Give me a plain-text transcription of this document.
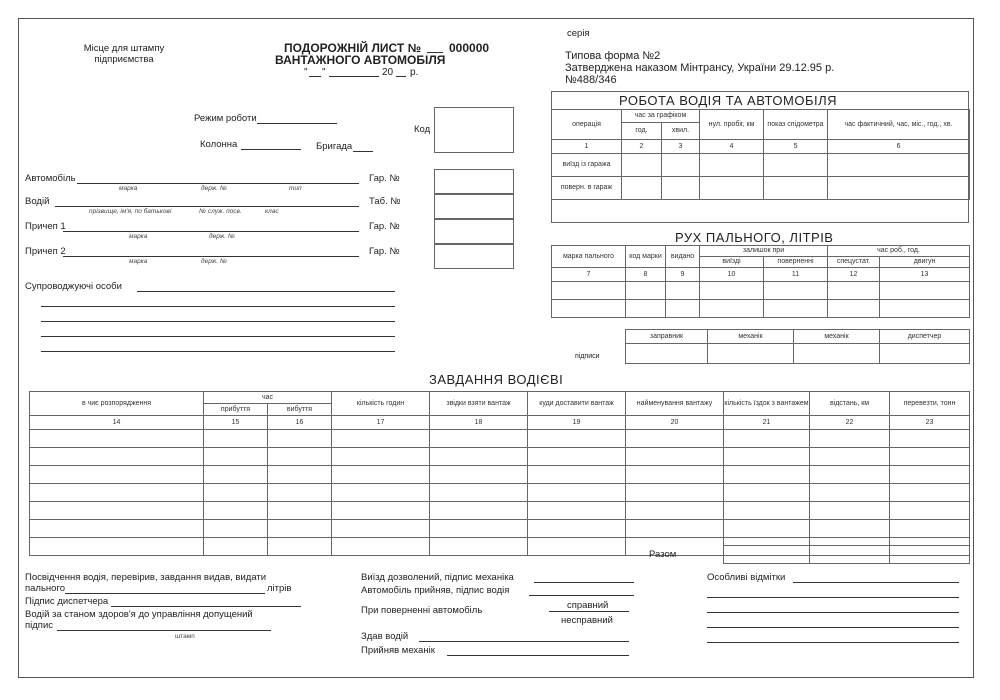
Місце для штампу
підприємства
ПОДОРОЖНІЙ ЛИСТ № 000000
ВАНТАЖНОГО АВТОМОБІЛЯ
" "	20 р.
серія
Типова форма №2
Затверджена наказом Мінтрансу, України 29.12.95 р.
№488/346
Режим роботи
Колонна	Бригада
Код
Автомобіль
марка	держ. №	тип
Гар. №
Водій
прізвище, ім'я, по батькові	№ служ. посв.	клас
Таб. №
Причеп 1
марка	держ. №
Гар. №
Причеп 2
марка	держ. №
Гар. №
Супроводжуючі особи
РОБОТА ВОДІЯ ТА АВТОМОБІЛЯ
операція	час за графіком		нул. пробіг, км	показ спідометра	час фактичний, час, міс., год., хв.
	год.	хвил.			
1	2	3	4	5	6
виїзд із гаража					
поверн. в гараж					
РУХ ПАЛЬНОГО, ЛІТРІВ
марка пального	код марки	видано	залишок при		час роб., год.	
			виїзді	поверненні	спецустат.	двигун
7	8	9	10	11	12	13

заправник	механік	механік	диспетчер

підписи
ЗАВДАННЯ ВОДІЄВІ
в чиє розпорядження	час		кількість годин	звідки взяти вантаж	куди доставити вантаж	найменування вантажу	кількість їздок з вантажем	відстань, км	перевезти, тонн
	прибуття	вибуття							
14	15	16	17	18	19	20	21	22	23

Разом

Посвідчення водія, перевірив, завдання видав, видати
пального	літрів
Підпис диспетчера
Водій за станом здоров'я до управління допущений
підпис
штамп
Виїзд дозволений, підпис механіка
Автомобіль прийняв, підпис водія
При поверненні автомобіль	справний
несправний
Здав водій
Прийняв механік
Особливі відмітки
